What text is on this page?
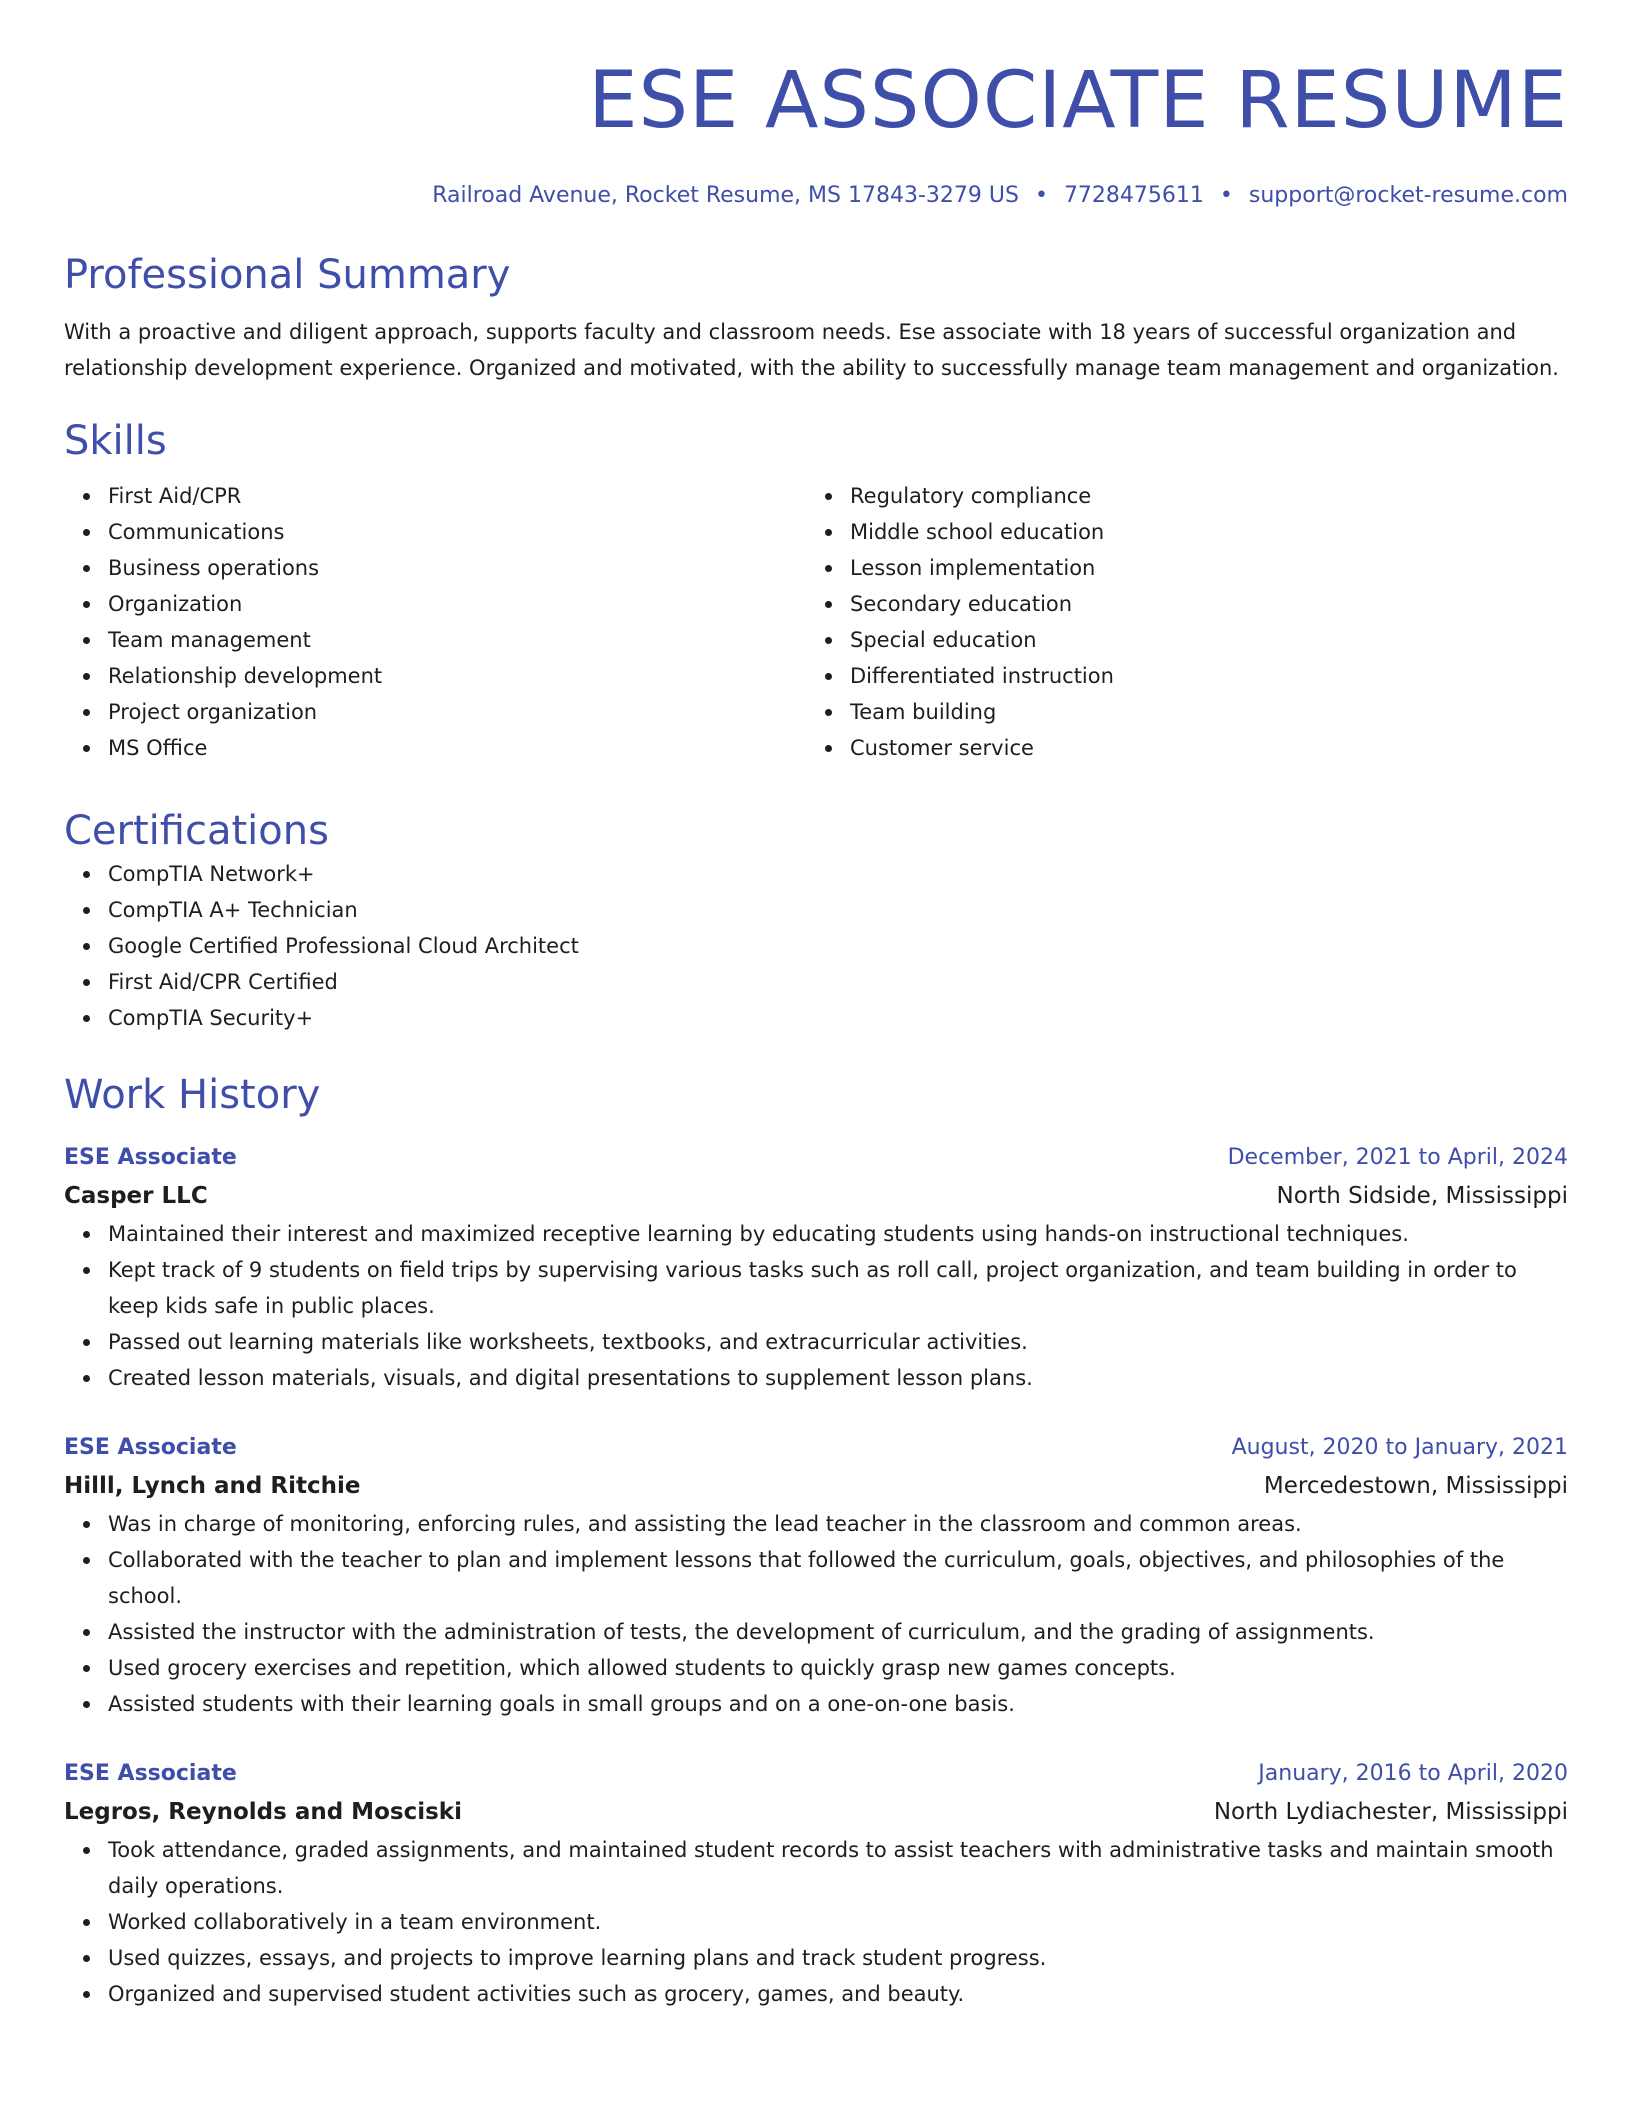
ESE ASSOCIATE RESUME
Railroad Avenue, Rocket Resume, MS 17843-3279 US • 7728475611 • support@rocket-resume.com
Professional Summary
With a proactive and diligent approach, supports faculty and classroom needs. Ese associate with 18 years of successful organization and relationship development experience. Organized and motivated, with the ability to successfully manage team management and organization.
Skills
First Aid/CPR
Communications
Business operations
Organization
Team management
Relationship development
Project organization
MS Office
Regulatory compliance
Middle school education
Lesson implementation
Secondary education
Special education
Differentiated instruction
Team building
Customer service
Certifications
CompTIA Network+
CompTIA A+ Technician
Google Certified Professional Cloud Architect
First Aid/CPR Certified
CompTIA Security+
Work History
ESE Associate	December, 2021 to April, 2024
Casper LLC	North Sidside, Mississippi
Maintained their interest and maximized receptive learning by educating students using hands-on instructional techniques.
Kept track of 9 students on field trips by supervising various tasks such as roll call, project organization, and team building in order to keep kids safe in public places.
Passed out learning materials like worksheets, textbooks, and extracurricular activities.
Created lesson materials, visuals, and digital presentations to supplement lesson plans.
ESE Associate	August, 2020 to January, 2021
Hilll, Lynch and Ritchie	Mercedestown, Mississippi
Was in charge of monitoring, enforcing rules, and assisting the lead teacher in the classroom and common areas.
Collaborated with the teacher to plan and implement lessons that followed the curriculum, goals, objectives, and philosophies of the school.
Assisted the instructor with the administration of tests, the development of curriculum, and the grading of assignments.
Used grocery exercises and repetition, which allowed students to quickly grasp new games concepts.
Assisted students with their learning goals in small groups and on a one-on-one basis.
ESE Associate	January, 2016 to April, 2020
Legros, Reynolds and Mosciski	North Lydiachester, Mississippi
Took attendance, graded assignments, and maintained student records to assist teachers with administrative tasks and maintain smooth daily operations.
Worked collaboratively in a team environment.
Used quizzes, essays, and projects to improve learning plans and track student progress.
Organized and supervised student activities such as grocery, games, and beauty.
